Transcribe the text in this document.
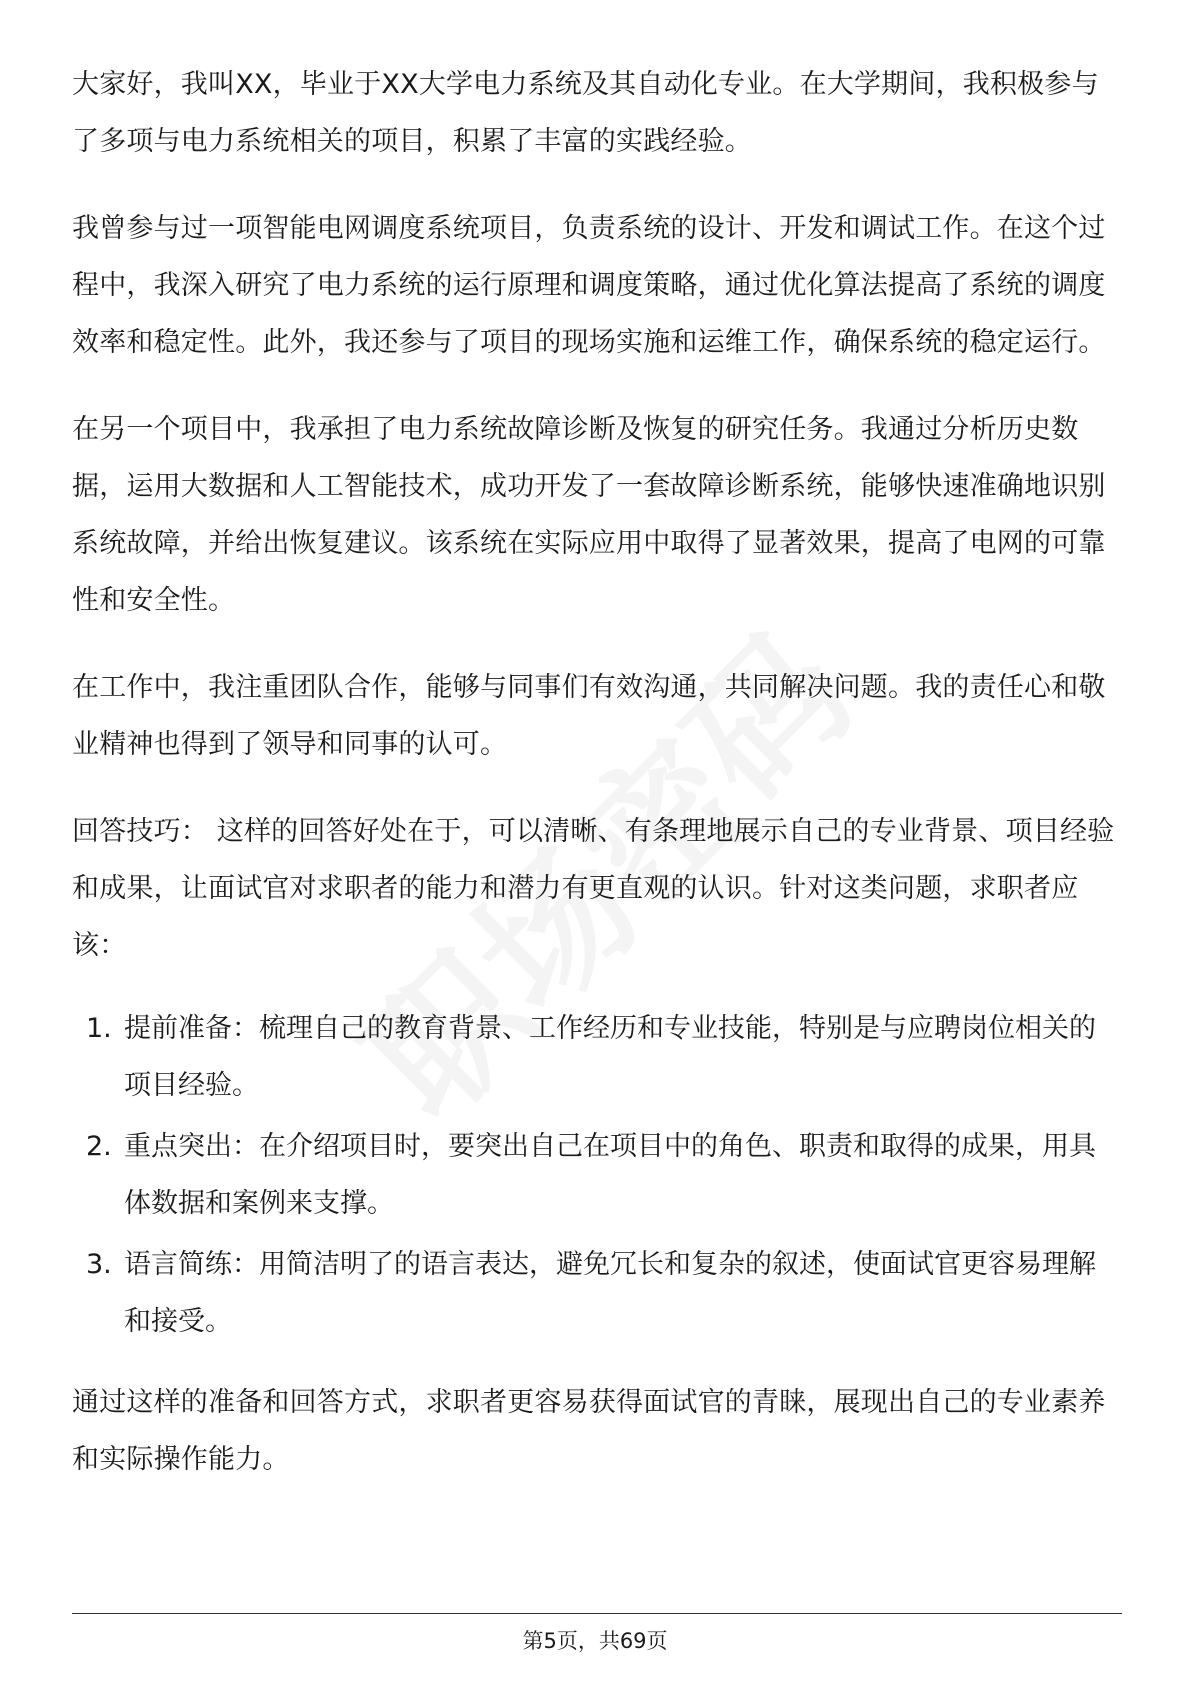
大家好，我叫XX，毕业于XX大学电力系统及其自动化专业。在大学期间，我积极参与了多项与电力系统相关的项目，积累了丰富的实践经验。

我曾参与过一项智能电网调度系统项目，负责系统的设计、开发和调试工作。在这个过程中，我深入研究了电力系统的运行原理和调度策略，通过优化算法提高了系统的调度效率和稳定性。此外，我还参与了项目的现场实施和运维工作，确保系统的稳定运行。

在另一个项目中，我承担了电力系统故障诊断及恢复的研究任务。我通过分析历史数据，运用大数据和人工智能技术，成功开发了一套故障诊断系统，能够快速准确地识别系统故障，并给出恢复建议。该系统在实际应用中取得了显著效果，提高了电网的可靠性和安全性。

在工作中，我注重团队合作，能够与同事们有效沟通，共同解决问题。我的责任心和敬业精神也得到了领导和同事的认可。

回答技巧： 这样的回答好处在于，可以清晰、有条理地展示自己的专业背景、项目经验和成果，让面试官对求职者的能力和潜力有更直观的认识。针对这类问题，求职者应该：

1. 提前准备：梳理自己的教育背景、工作经历和专业技能，特别是与应聘岗位相关的项目经验。
2. 重点突出：在介绍项目时，要突出自己在项目中的角色、职责和取得的成果，用具体数据和案例来支撑。
3. 语言简练：用简洁明了的语言表达，避免冗长和复杂的叙述，使面试官更容易理解和接受。

通过这样的准备和回答方式，求职者更容易获得面试官的青睐，展现出自己的专业素养和实际操作能力。

第5页，共69页
